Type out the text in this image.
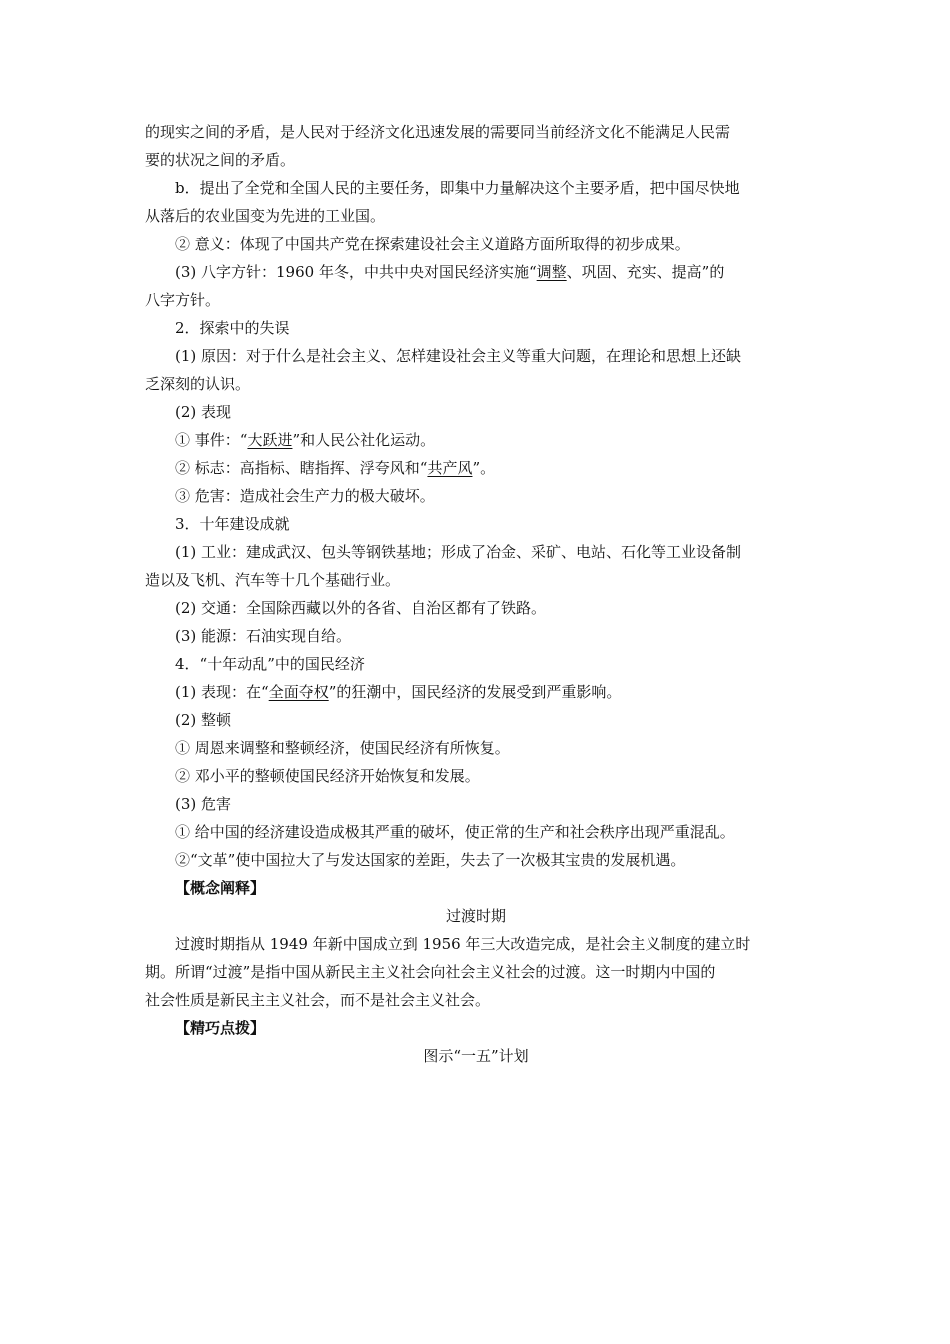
的现实之间的矛盾，是人民对于经济文化迅速发展的需要同当前经济文化不能满足人民需

要的状况之间的矛盾。

b．提出了全党和全国人民的主要任务，即集中力量解决这个主要矛盾，把中国尽快地

从落后的农业国变为先进的工业国。

② 意义：体现了中国共产党在探索建设社会主义道路方面所取得的初步成果。

(3) 八字方针：1960 年冬，中共中央对国民经济实施“调整、巩固、充实、提高”的

八字方针。

2．探索中的失误

(1) 原因：对于什么是社会主义、怎样建设社会主义等重大问题，在理论和思想上还缺

乏深刻的认识。

(2) 表现

① 事件：“大跃进”和人民公社化运动。

② 标志：高指标、瞎指挥、浮夸风和“共产风”。

③ 危害：造成社会生产力的极大破坏。

3．十年建设成就

(1) 工业：建成武汉、包头等钢铁基地；形成了冶金、采矿、电站、石化等工业设备制

造以及飞机、汽车等十几个基础行业。

(2) 交通：全国除西藏以外的各省、自治区都有了铁路。

(3) 能源：石油实现自给。

4．“十年动乱”中的国民经济

(1) 表现：在“全面夺权”的狂潮中，国民经济的发展受到严重影响。

(2) 整顿

① 周恩来调整和整顿经济，使国民经济有所恢复。

② 邓小平的整顿使国民经济开始恢复和发展。

(3) 危害

① 给中国的经济建设造成极其严重的破坏，使正常的生产和社会秩序出现严重混乱。

②“文革”使中国拉大了与发达国家的差距，失去了一次极其宝贵的发展机遇。

【概念阐释】

过渡时期

过渡时期指从 1949 年新中国成立到 1956 年三大改造完成，是社会主义制度的建立时

期。所谓“过渡”是指中国从新民主主义社会向社会主义社会的过渡。这一时期内中国的

社会性质是新民主主义社会，而不是社会主义社会。

【精巧点拨】

图示“一五”计划
